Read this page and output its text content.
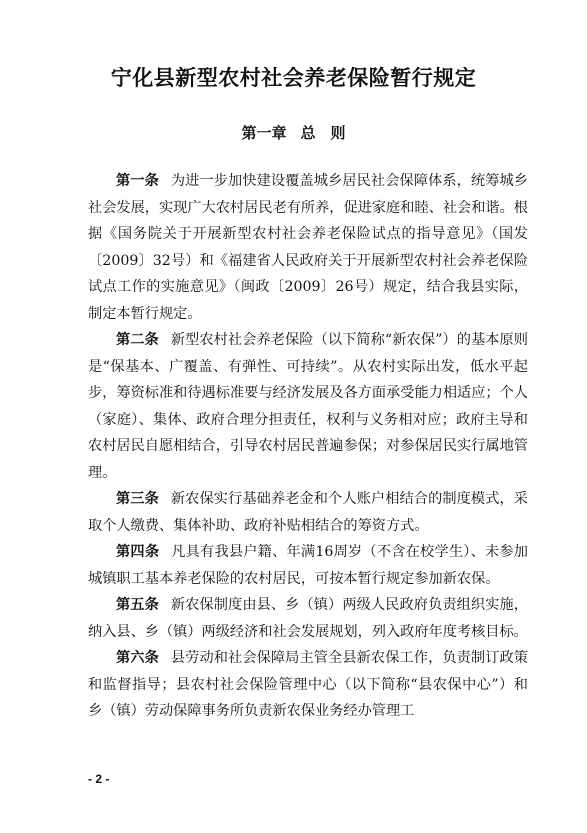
宁化县新型农村社会养老保险暂行规定
第一章 总　则

第一条 为进一步加快建设覆盖城乡居民社会保障体系，统筹城乡社会发展，实现广大农村居民老有所养，促进家庭和睦、社会和谐。根据《国务院关于开展新型农村社会养老保险试点的指导意见》（国发〔2009〕32号）和《福建省人民政府关于开展新型农村社会养老保险试点工作的实施意见》（闽政〔2009〕26号）规定，结合我县实际，制定本暂行规定。

第二条 新型农村社会养老保险（以下简称“新农保”）的基本原则是“保基本、广覆盖、有弹性、可持续”。从农村实际出发，低水平起步，筹资标准和待遇标准要与经济发展及各方面承受能力相适应；个人（家庭）、集体、政府合理分担责任，权利与义务相对应；政府主导和农村居民自愿相结合，引导农村居民普遍参保；对参保居民实行属地管理。

第三条 新农保实行基础养老金和个人账户相结合的制度模式，采取个人缴费、集体补助、政府补贴相结合的筹资方式。

第四条 凡具有我县户籍、年满16周岁（不含在校学生）、未参加城镇职工基本养老保险的农村居民，可按本暂行规定参加新农保。

第五条 新农保制度由县、乡（镇）两级人民政府负责组织实施，纳入县、乡（镇）两级经济和社会发展规划，列入政府年度考核目标。

第六条 县劳动和社会保障局主管全县新农保工作，负责制订政策和监督指导；县农村社会保险管理中心（以下简称“县农保中心”）和乡（镇）劳动保障事务所负责新农保业务经办管理工

- 2 -
